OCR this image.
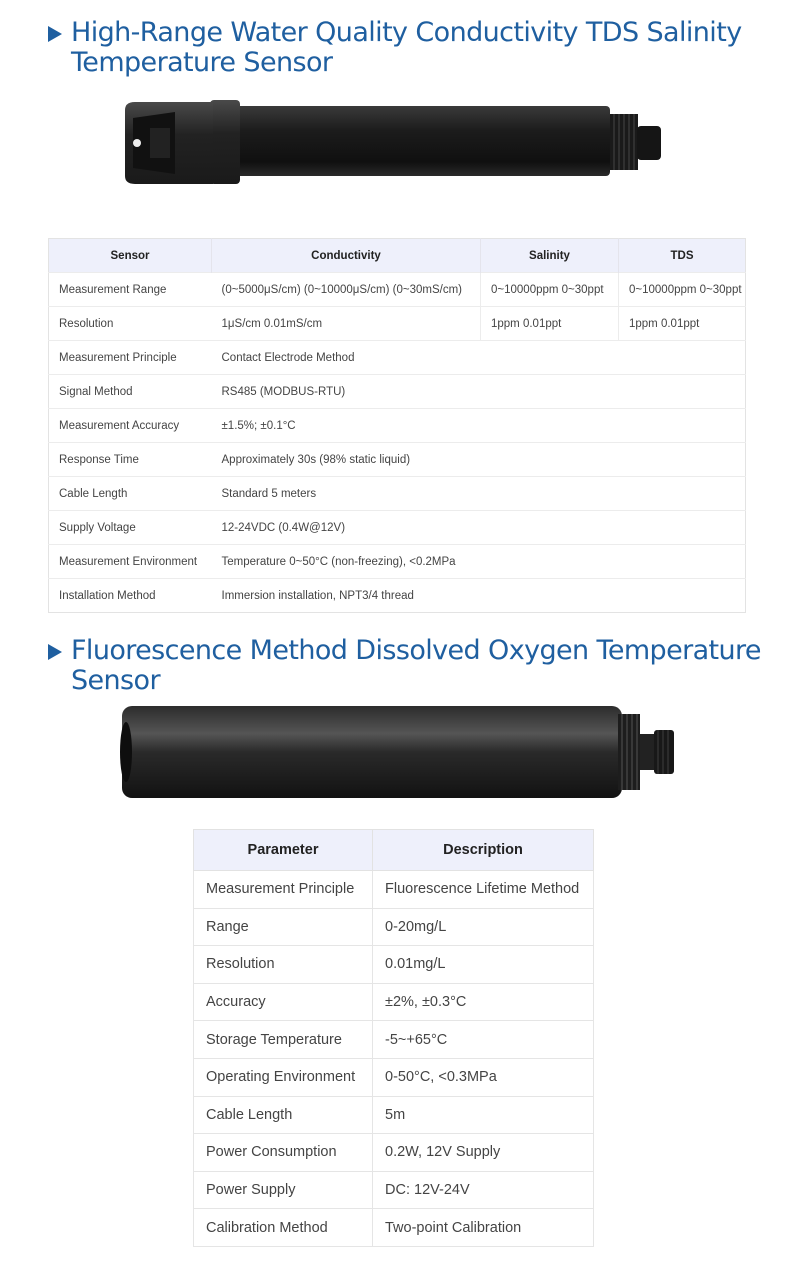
High-Range Water Quality Conductivity TDS Salinity
Temperature Sensor
Sensor	Conductivity	Salinity	TDS
Measurement Range	(0~5000μS/cm) (0~10000μS/cm) (0~30mS/cm)	0~10000ppm 0~30ppt	0~10000ppm 0~30ppt
Resolution	1μS/cm 0.01mS/cm	1ppm 0.01ppt	1ppm 0.01ppt
Measurement Principle	Contact Electrode Method		
Signal Method	RS485 (MODBUS-RTU)		
Measurement Accuracy	±1.5%; ±0.1°C		
Response Time	Approximately 30s (98% static liquid)		
Cable Length	Standard 5 meters		
Supply Voltage	12-24VDC (0.4W@12V)		
Measurement Environment	Temperature 0~50°C (non-freezing), <0.2MPa		
Installation Method	Immersion installation, NPT3/4 thread		
Fluorescence Method Dissolved Oxygen Temperature
Sensor
Parameter	Description
Measurement Principle	Fluorescence Lifetime Method
Range	0-20mg/L
Resolution	0.01mg/L
Accuracy	±2%, ±0.3°C
Storage Temperature	-5~+65°C
Operating Environment	0-50°C, <0.3MPa
Cable Length	5m
Power Consumption	0.2W, 12V Supply
Power Supply	DC: 12V-24V
Calibration Method	Two-point Calibration
